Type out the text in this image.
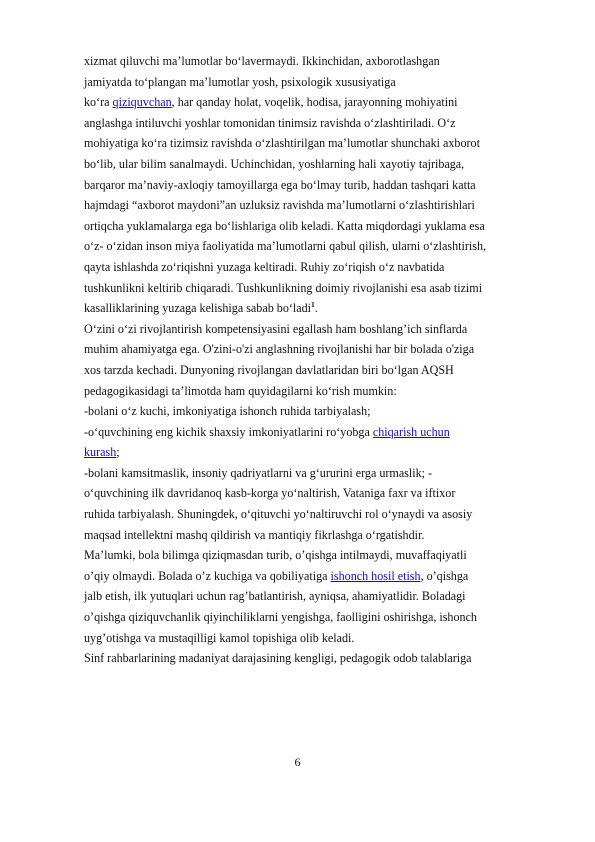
xizmat qiluvchi ma’lumotlar bo‘lavermaydi. Ikkinchidan, axborotlashgan
jamiyatda to‘plangan ma’lumotlar yosh, psixologik xususiyatiga
ko‘ra qiziquvchan, har qanday holat, voqelik, hodisa, jarayonning mohiyatini
anglashga intiluvchi yoshlar tomonidan tinimsiz ravishda o‘zlashtiriladi. O‘z
mohiyatiga ko‘ra tizimsiz ravishda o‘zlashtirilgan ma’lumotlar shunchaki axborot
bo‘lib, ular bilim sanalmaydi. Uchinchidan, yoshlarning hali xayotiy tajribaga,
barqaror ma’naviy-axloqiy tamoyillarga ega bo‘lmay turib, haddan tashqari katta
hajmdagi “axborot maydoni”an uzluksiz ravishda ma’lumotlarni o‘zlashtirishlari
ortiqcha yuklamalarga ega bo‘lishlariga olib keladi. Katta miqdordagi yuklama esa
o‘z- o‘zidan inson miya faoliyatida ma’lumotlarni qabul qilish, ularni o‘zlashtirish,
qayta ishlashda zo‘riqishni yuzaga keltiradi. Ruhiy zo‘riqish o‘z navbatida
tushkunlikni keltirib chiqaradi. Tushkunlikning doimiy rivojlanishi esa asab tizimi
kasalliklarining yuzaga kelishiga sabab bo‘ladi$^1$.
O‘zini o‘zi rivojlantirish kompetensiyasini egallash ham boshlang’ich sinflarda
muhim ahamiyatga ega. O'zini-o'zi anglashning rivojlanishi har bir bolada o'ziga
xos tarzda kechadi. Dunyoning rivojlangan davlatlaridan biri bo‘lgan AQSH
pedagogikasidagi ta’limotda ham quyidagilarni ko‘rish mumkin:
-bolani o‘z kuchi, imkoniyatiga ishonch ruhida tarbiyalash;
-o‘quvchining eng kichik shaxsiy imkoniyatlarini ro‘yobga chiqarish uchun
kurash;
-bolani kamsitmaslik, insoniy qadriyatlarni va g‘ururini erga urmaslik; -
o‘quvchining ilk davridanoq kasb-korga yo‘naltirish, Vataniga faxr va iftixor
ruhida tarbiyalash. Shuningdek, o‘qituvchi yo‘naltiruvchi rol o‘ynaydi va asosiy
maqsad intellektni mashq qildirish va mantiqiy fikrlashga o‘rgatishdir.
Ma’lumki, bola bilimga qiziqmasdan turib, o’qishga intilmaydi, muvaffaqiyatli
o’qiy olmaydi. Bolada o’z kuchiga va qobiliyatiga ishonch hosil etish, o’qishga
jalb etish, ilk yutuqlari uchun rag’batlantirish, ayniqsa, ahamiyatlidir. Boladagi
o’qishga qiziquvchanlik qiyinchiliklarni yengishga, faolligini oshirishga, ishonch
uyg’otishga va mustaqilligi kamol topishiga olib keladi.
Sinf rahbarlarining madaniyat darajasining kengligi, pedagogik odob talablariga
6
